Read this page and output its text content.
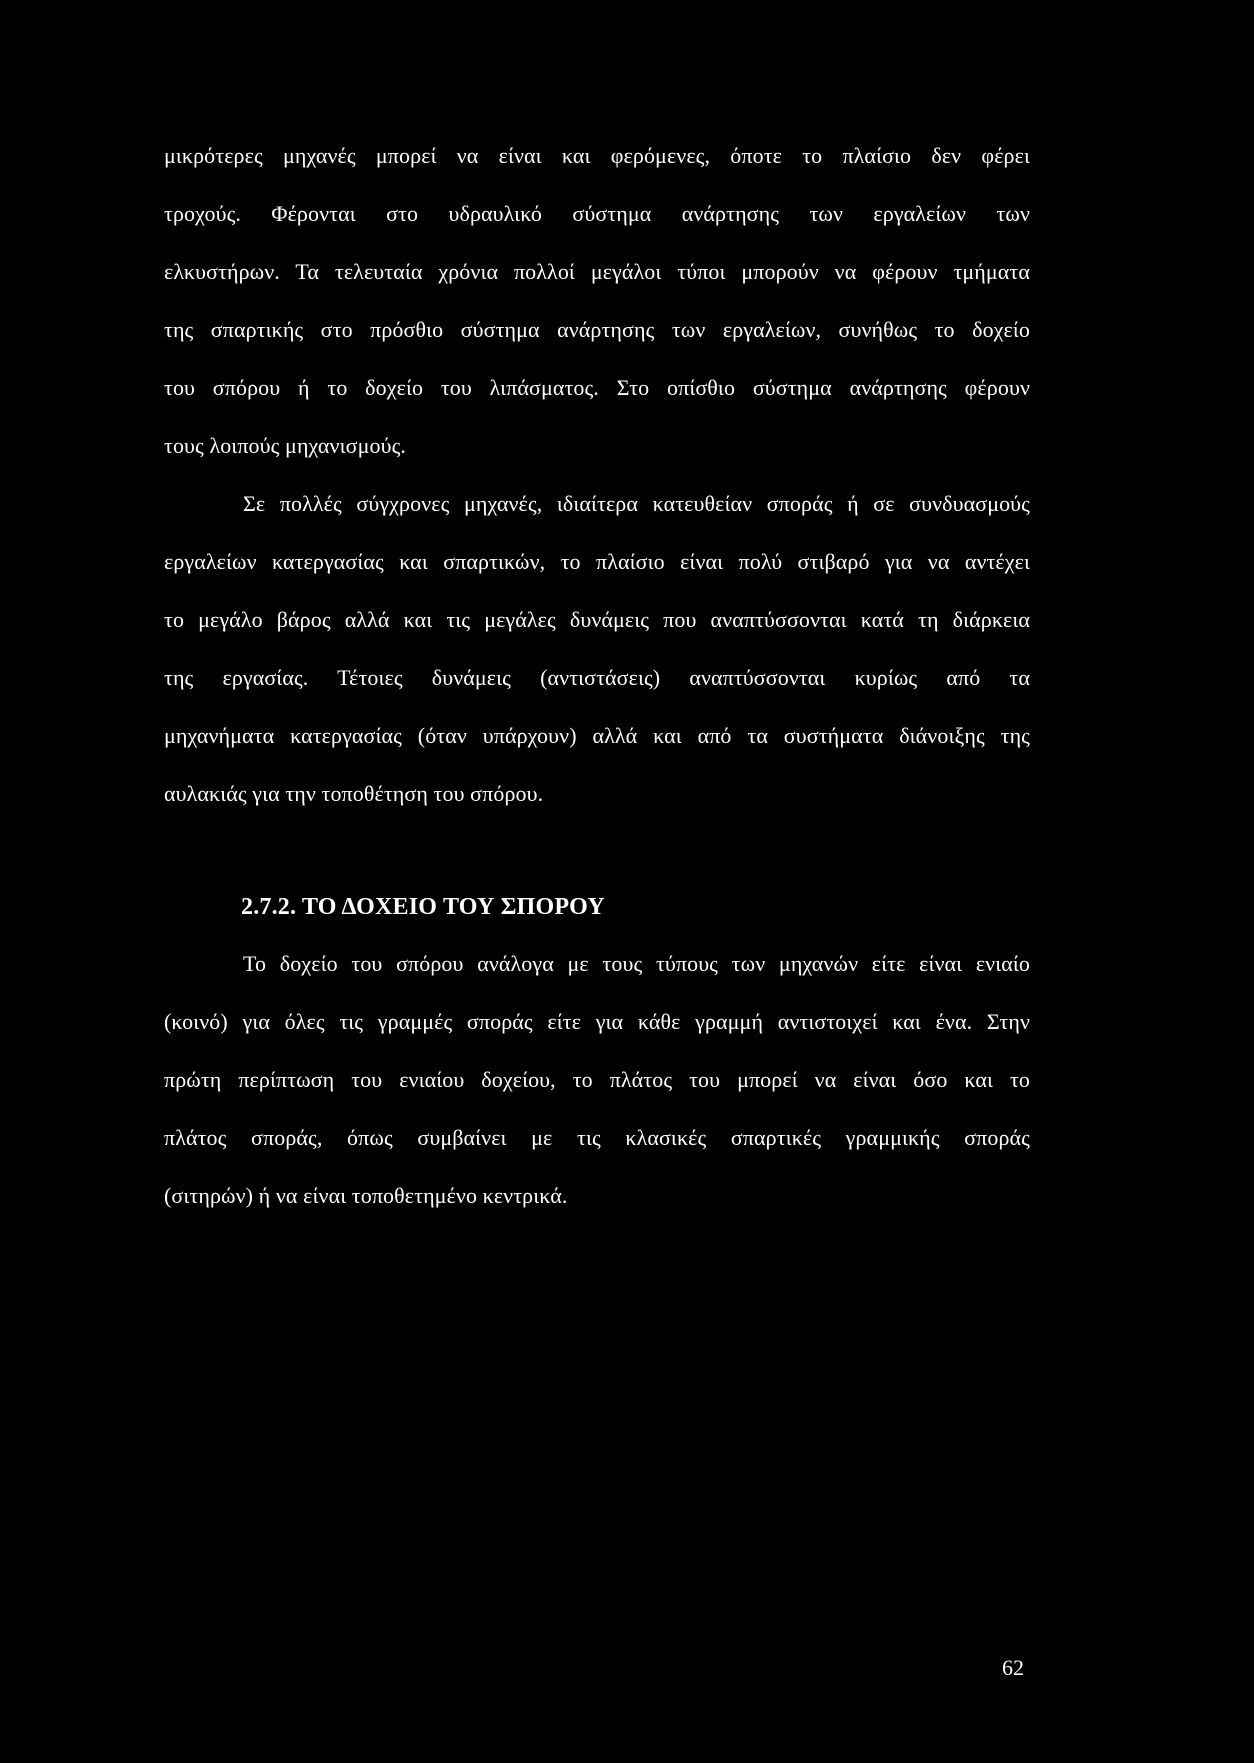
μικρότερες μηχανές μπορεί να είναι και φερόμενες, όποτε το πλαίσιο δεν φέρει
τροχούς. Φέρονται στο υδραυλικό σύστημα ανάρτησης των εργαλείων των
ελκυστήρων. Τα τελευταία χρόνια πολλοί μεγάλοι τύποι μπορούν να φέρουν τμήματα
της σπαρτικής στο πρόσθιο σύστημα ανάρτησης των εργαλείων, συνήθως το δοχείο
του σπόρου ή το δοχείο του λιπάσματος. Στο οπίσθιο σύστημα ανάρτησης φέρουν
τους λοιπούς μηχανισμούς.
Σε πολλές σύγχρονες μηχανές, ιδιαίτερα κατευθείαν σποράς ή σε συνδυασμούς
εργαλείων κατεργασίας και σπαρτικών, το πλαίσιο είναι πολύ στιβαρό για να αντέχει
το μεγάλο βάρος αλλά και τις μεγάλες δυνάμεις που αναπτύσσονται κατά τη διάρκεια
της εργασίας. Τέτοιες δυνάμεις (αντιστάσεις) αναπτύσσονται κυρίως από τα
μηχανήματα κατεργασίας (όταν υπάρχουν) αλλά και από τα συστήματα διάνοιξης της
αυλακιάς για την τοποθέτηση του σπόρου.
2.7.2. ΤΟ ΔΟΧΕΙΟ ΤΟΥ ΣΠΟΡΟΥ
Το δοχείο του σπόρου ανάλογα με τους τύπους των μηχανών είτε είναι ενιαίο
(κοινό) για όλες τις γραμμές σποράς είτε για κάθε γραμμή αντιστοιχεί και ένα. Στην
πρώτη περίπτωση του ενιαίου δοχείου, το πλάτος του μπορεί να είναι όσο και το
πλάτος σποράς, όπως συμβαίνει με τις κλασικές σπαρτικές γραμμικής σποράς
(σιτηρών) ή να είναι τοποθετημένο κεντρικά.
62
